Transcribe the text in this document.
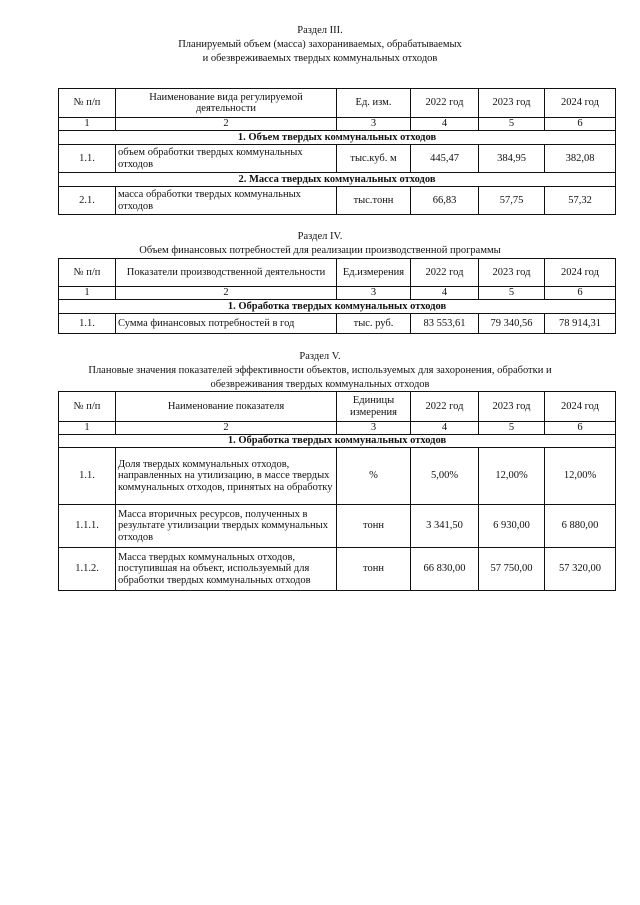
Раздел III.
Планируемый объем (масса) захораниваемых, обрабатываемых
и обезвреживаемых твердых коммунальных отходов
№ п/п	Наименование вида регулируемой деятельности	Ед. изм.	2022 год	2023 год	2024 год
1	2	3	4	5	6
1. Объем твердых коммунальных отходов					
1.1.	объем обработки твердых коммунальных отходов	тыс.куб. м	445,47	384,95	382,08
2. Масса твердых коммунальных отходов					
2.1.	масса обработки твердых коммунальных отходов	тыс.тонн	66,83	57,75	57,32
Раздел IV.
Объем финансовых потребностей для реализации производственной программы
№ п/п	Показатели производственной деятельности	Ед.измерения	2022 год	2023 год	2024 год
1	2	3	4	5	6
1. Обработка твердых коммунальных отходов					
1.1.	Сумма финансовых потребностей в год	тыс. руб.	83 553,61	79 340,56	78 914,31
Раздел V.
Плановые значения показателей эффективности объектов, используемых для захоронения, обработки и
обезвреживания твердых коммунальных отходов
№ п/п	Наименование показателя	Единицы измерения	2022 год	2023 год	2024 год
1	2	3	4	5	6
1. Обработка твердых коммунальных отходов					
1.1.	Доля твердых коммунальных отходов, направленных на утилизацию, в массе твердых коммунальных отходов, принятых на обработку	%	5,00%	12,00%	12,00%
1.1.1.	Масса вторичных ресурсов, полученных в результате утилизации твердых коммунальных отходов	тонн	3 341,50	6 930,00	6 880,00
1.1.2.	Масса твердых коммунальных отходов, поступившая на объект, используемый для обработки твердых коммунальных отходов	тонн	66 830,00	57 750,00	57 320,00
